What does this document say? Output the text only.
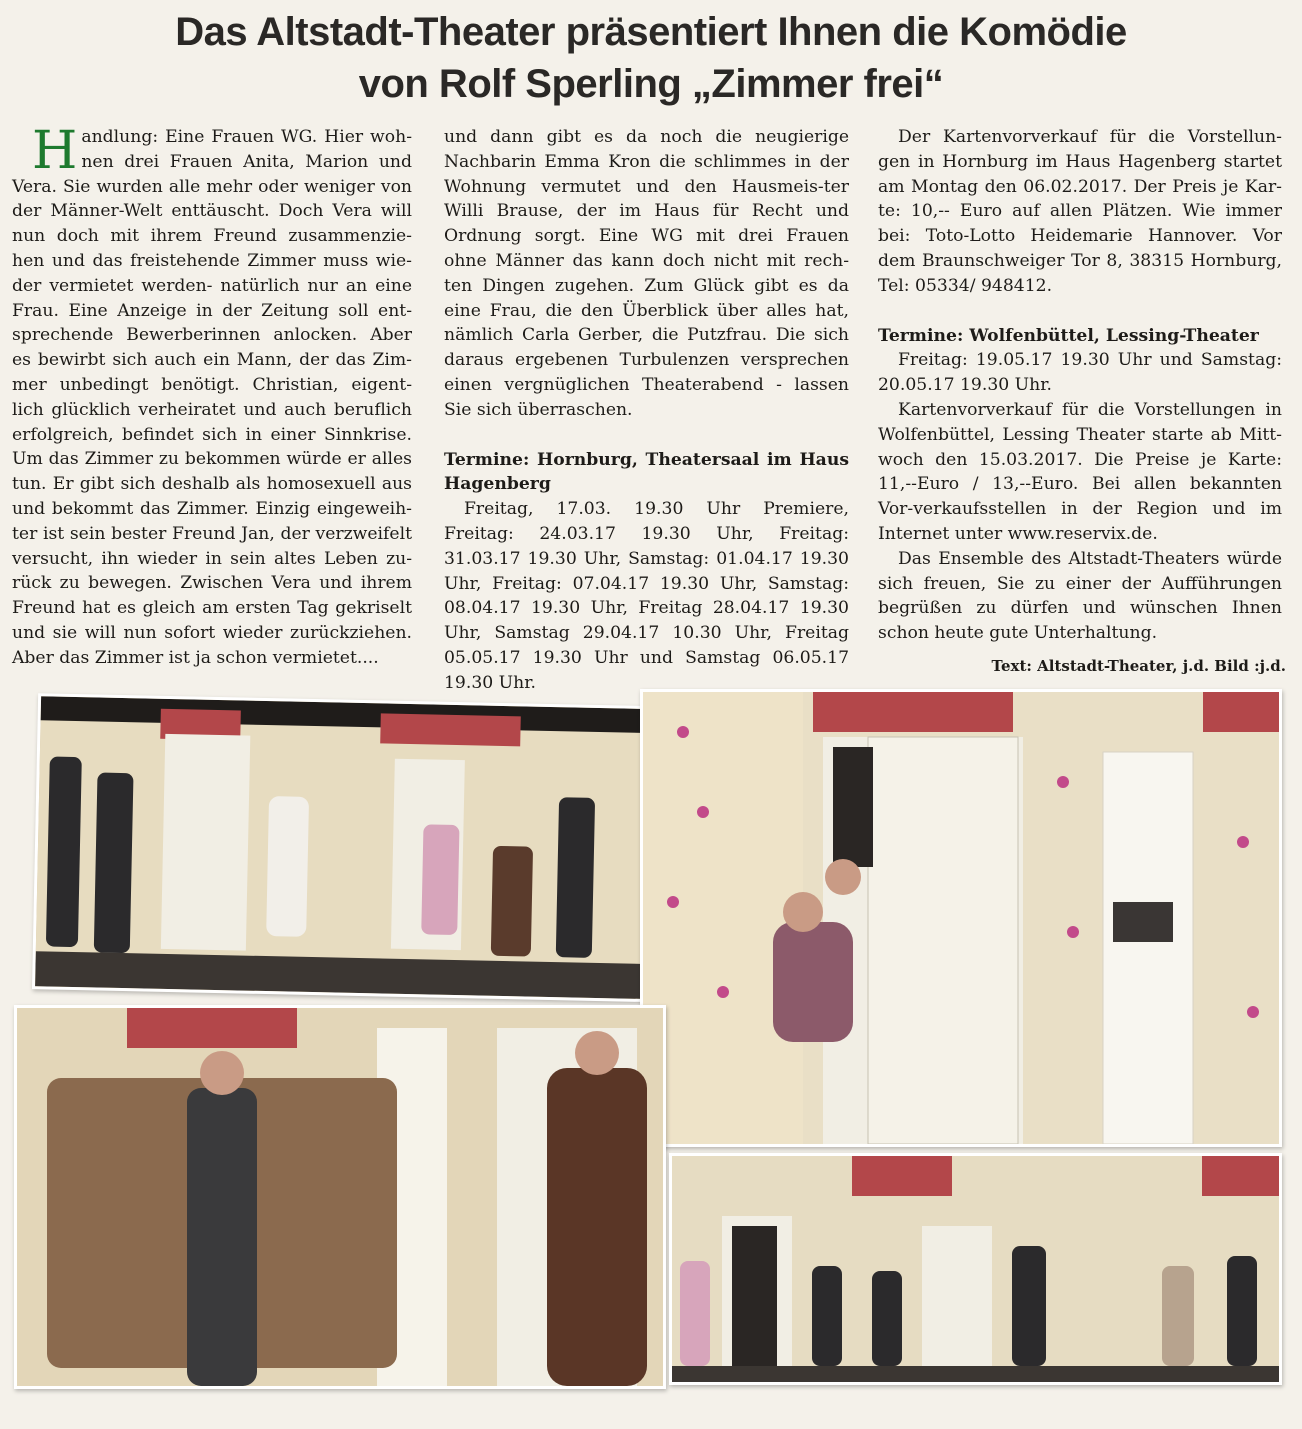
Das Altstadt-Theater präsentiert Ihnen die Komödie
von Rolf Sperling „Zimmer frei“

H andlung: Eine Frauen WG. Hier woh-​nen drei Frauen Anita, Marion und Vera. Sie wurden alle mehr oder weniger von der Männer-Welt enttäuscht. Doch Vera will nun doch mit ihrem Freund zusammenzie-​hen und das freistehende Zimmer muss wie-​der vermietet werden- natürlich nur an eine Frau. Eine Anzeige in der Zeitung soll ent-​sprechende Bewerberinnen anlocken. Aber es bewirbt sich auch ein Mann, der das Zim-​mer unbedingt benötigt. Christian, eigent-​lich glücklich verheiratet und auch beruflich erfolgreich, befindet sich in einer Sinnkrise. Um das Zimmer zu bekommen würde er alles tun. Er gibt sich deshalb als homosexuell aus und bekommt das Zimmer. Einzig eingeweih-​ter ist sein bester Freund Jan, der verzweifelt versucht, ihn wieder in sein altes Leben zu-​rück zu bewegen. Zwischen Vera und ihrem Freund hat es gleich am ersten Tag gekriselt und sie will nun sofort wieder zurückziehen. Aber das Zimmer ist ja schon vermietet....

und dann gibt es da noch die neugierige Nachbarin Emma Kron die schlimmes in der Wohnung vermutet und den Hausmeis-​ter Willi Brause, der im Haus für Recht und Ordnung sorgt. Eine WG mit drei Frauen ohne Männer das kann doch nicht mit rech-​ten Dingen zugehen. Zum Glück gibt es da eine Frau, die den Überblick über alles hat, nämlich Carla Gerber, die Putzfrau. Die sich daraus ergebenen Turbulenzen versprechen einen vergnüglichen Theaterabend - lassen Sie sich überraschen.

Termine: Hornburg, Theatersaal im Haus Hagenberg

Freitag, 17.03. 19.30 Uhr Premiere, Freitag: 24.03.17 19.30 Uhr, Freitag: 31.03.17 19.30 Uhr, Samstag: 01.04.17 19.30 Uhr, Freitag: 07.04.17 19.30 Uhr, Samstag: 08.04.17 19.30 Uhr, Freitag 28.04.17 19.30 Uhr, Samstag 29.04.17 10.30 Uhr, Freitag 05.05.17 19.30 Uhr und Samstag 06.05.17 19.30 Uhr.

Der Kartenvorverkauf für die Vorstellun-​gen in Hornburg im Haus Hagenberg startet am Montag den 06.02.2017. Der Preis je Kar-​te: 10,-- Euro auf allen Plätzen. Wie immer bei: Toto-Lotto Heidemarie Hannover. Vor dem Braunschweiger Tor 8, 38315 Hornburg, Tel: 05334/ 948412.

Termine: Wolfenbüttel, Lessing-Theater

Freitag: 19.05.17 19.30 Uhr und Samstag: 20.05.17 19.30 Uhr.

Kartenvorverkauf für die Vorstellungen in Wolfenbüttel, Lessing Theater starte ab Mitt-​woch den 15.03.2017. Die Preise je Karte: 11,-​-Euro / 13,--Euro. Bei allen bekannten Vor-​verkaufsstellen in der Region und im Internet unter www.reservix.de.

Das Ensemble des Altstadt-Theaters würde sich freuen, Sie zu einer der Aufführungen begrüßen zu dürfen und wünschen Ihnen schon heute gute Unterhaltung.

Text: Altstadt-Theater, j.d. Bild :j.d.
